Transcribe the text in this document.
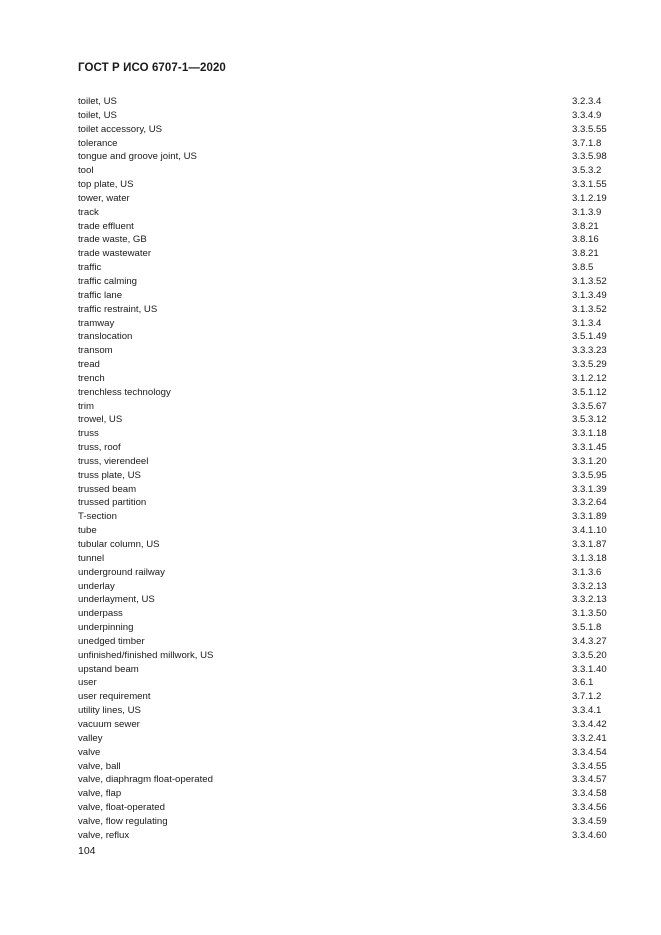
ГОСТ Р ИСО 6707-1—2020
toilet, US	3.2.3.4
toilet, US	3.3.4.9
toilet accessory, US	3.3.5.55
tolerance	3.7.1.8
tongue and groove joint, US	3.3.5.98
tool	3.5.3.2
top plate, US	3.3.1.55
tower, water	3.1.2.19
track	3.1.3.9
trade effluent	3.8.21
trade waste, GB	3.8.16
trade wastewater	3.8.21
traffic	3.8.5
traffic calming	3.1.3.52
traffic lane	3.1.3.49
traffic restraint, US	3.1.3.52
tramway	3.1.3.4
translocation	3.5.1.49
transom	3.3.3.23
tread	3.3.5.29
trench	3.1.2.12
trenchless technology	3.5.1.12
trim	3.3.5.67
trowel, US	3.5.3.12
truss	3.3.1.18
truss, roof	3.3.1.45
truss, vierendeel	3.3.1.20
truss plate, US	3.3.5.95
trussed beam	3.3.1.39
trussed partition	3.3.2.64
T-section	3.3.1.89
tube	3.4.1.10
tubular column, US	3.3.1.87
tunnel	3.1.3.18
underground railway	3.1.3.6
underlay	3.3.2.13
underlayment, US	3.3.2.13
underpass	3.1.3.50
underpinning	3.5.1.8
unedged timber	3.4.3.27
unfinished/finished millwork, US	3.3.5.20
upstand beam	3.3.1.40
user	3.6.1
user requirement	3.7.1.2
utility lines, US	3.3.4.1
vacuum sewer	3.3.4.42
valley	3.3.2.41
valve	3.3.4.54
valve, ball	3.3.4.55
valve, diaphragm float-operated	3.3.4.57
valve, flap	3.3.4.58
valve, float-operated	3.3.4.56
valve, flow regulating	3.3.4.59
valve, reflux	3.3.4.60
104
